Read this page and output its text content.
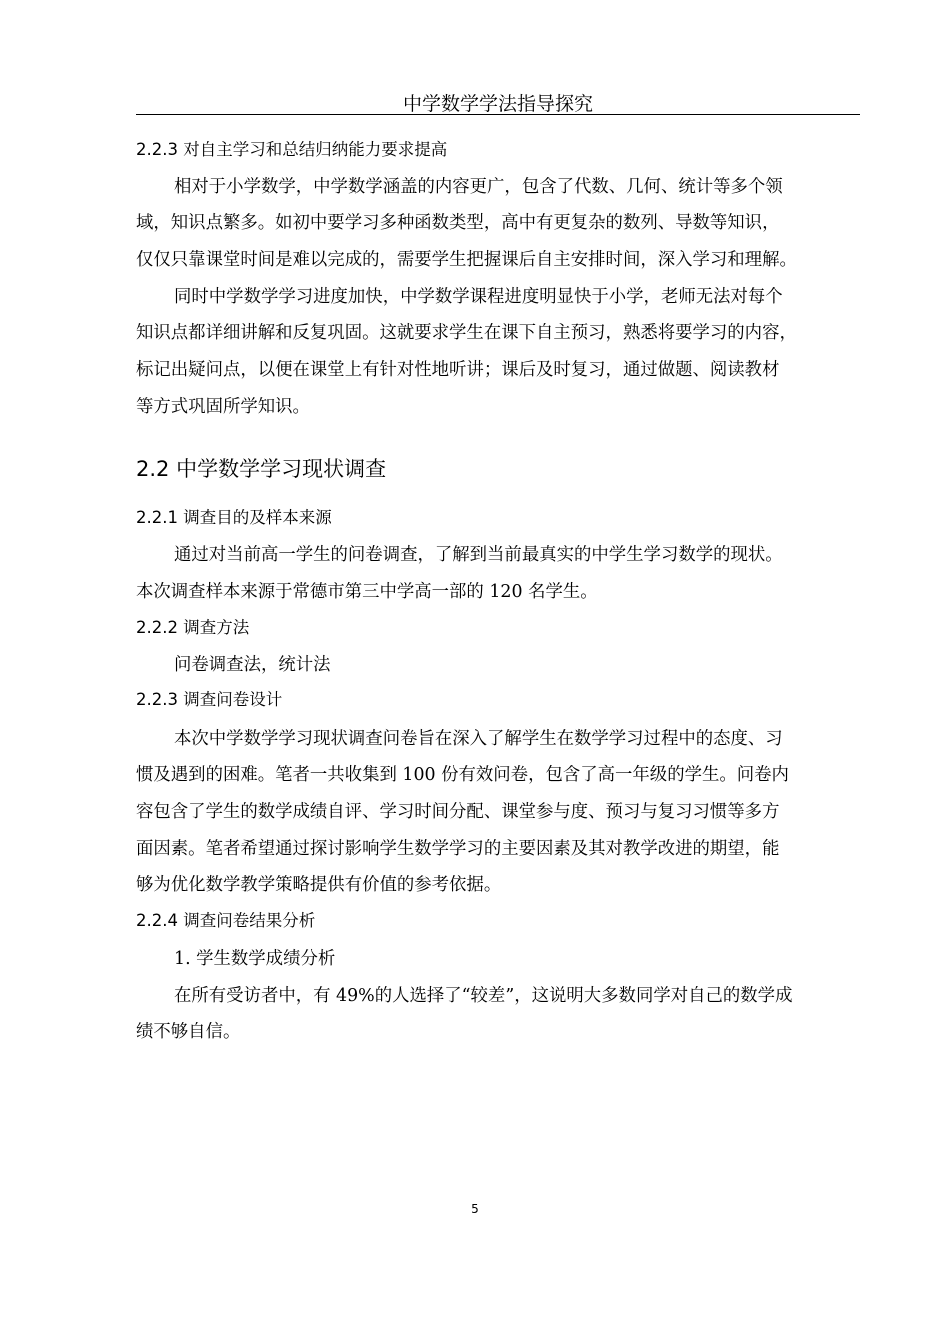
中学数学学法指导探究
2.2.3 对自主学习和总结归纳能力要求提高
相对于小学数学，中学数学涵盖的内容更广，包含了代数、几何、统计等多个领
域，知识点繁多。如初中要学习多种函数类型，高中有更复杂的数列、导数等知识，
仅仅只靠课堂时间是难以完成的，需要学生把握课后自主安排时间，深入学习和理解。
同时中学数学学习进度加快，中学数学课程进度明显快于小学，老师无法对每个
知识点都详细讲解和反复巩固。这就要求学生在课下自主预习，熟悉将要学习的内容，
标记出疑问点，以便在课堂上有针对性地听讲；课后及时复习，通过做题、阅读教材
等方式巩固所学知识。
2.2 中学数学学习现状调查
2.2.1 调查目的及样本来源
通过对当前高一学生的问卷调查，了解到当前最真实的中学生学习数学的现状。
本次调查样本来源于常德市第三中学高一部的 120 名学生。
2.2.2 调查方法
问卷调查法，统计法
2.2.3 调查问卷设计
本次中学数学学习现状调查问卷旨在深入了解学生在数学学习过程中的态度、习
惯及遇到的困难。笔者一共收集到 100 份有效问卷，包含了高一年级的学生。问卷内
容包含了学生的数学成绩自评、学习时间分配、课堂参与度、预习与复习习惯等多方
面因素。笔者希望通过探讨影响学生数学学习的主要因素及其对教学改进的期望，能
够为优化数学教学策略提供有价值的参考依据。
2.2.4 调查问卷结果分析
1. 学生数学成绩分析
在所有受访者中，有 49%的人选择了“较差”，这说明大多数同学对自己的数学成
绩不够自信。
5
